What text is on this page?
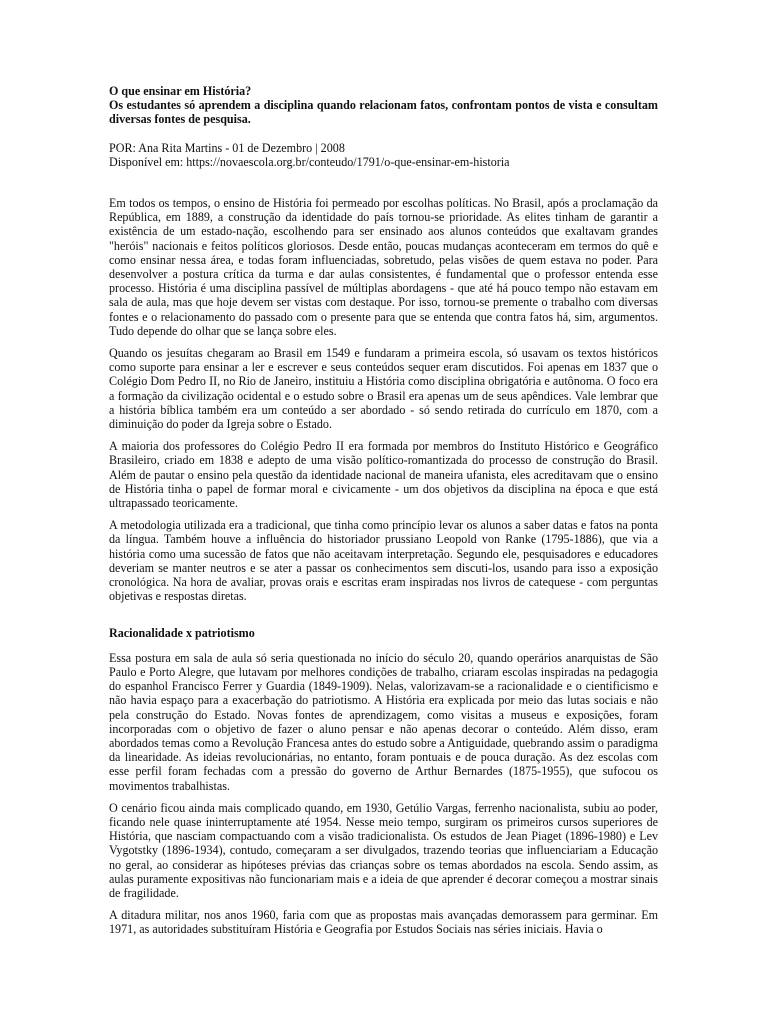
O que ensinar em História?
Os estudantes só aprendem a disciplina quando relacionam fatos, confrontam pontos de vista e consultam diversas fontes de pesquisa.
POR: Ana Rita Martins - 01 de Dezembro | 2008
Disponível em: https://novaescola.org.br/conteudo/1791/o-que-ensinar-em-historia

Em todos os tempos, o ensino de História foi permeado por escolhas políticas. No Brasil, após a proclamação da República, em 1889, a construção da identidade do país tornou-se prioridade. As elites tinham de garantir a existência de um estado-nação, escolhendo para ser ensinado aos alunos conteúdos que exaltavam grandes "heróis" nacionais e feitos políticos gloriosos. Desde então, poucas mudanças aconteceram em termos do quê e como ensinar nessa área, e todas foram influenciadas, sobretudo, pelas visões de quem estava no poder. Para desenvolver a postura crítica da turma e dar aulas consistentes, é fundamental que o professor entenda esse processo. História é uma disciplina passível de múltiplas abordagens - que até há pouco tempo não estavam em sala de aula, mas que hoje devem ser vistas com destaque. Por isso, tornou-se premente o trabalho com diversas fontes e o relacionamento do passado com o presente para que se entenda que contra fatos há, sim, argumentos. Tudo depende do olhar que se lança sobre eles.

Quando os jesuítas chegaram ao Brasil em 1549 e fundaram a primeira escola, só usavam os textos históricos como suporte para ensinar a ler e escrever e seus conteúdos sequer eram discutidos. Foi apenas em 1837 que o Colégio Dom Pedro II, no Rio de Janeiro, instituiu a História como disciplina obrigatória e autônoma. O foco era a formação da civilização ocidental e o estudo sobre o Brasil era apenas um de seus apêndices. Vale lembrar que a história bíblica também era um conteúdo a ser abordado - só sendo retirada do currículo em 1870, com a diminuição do poder da Igreja sobre o Estado.

A maioria dos professores do Colégio Pedro II era formada por membros do Instituto Histórico e Geográfico Brasileiro, criado em 1838 e adepto de uma visão político-romantizada do processo de construção do Brasil. Além de pautar o ensino pela questão da identidade nacional de maneira ufanista, eles acreditavam que o ensino de História tinha o papel de formar moral e civicamente - um dos objetivos da disciplina na época e que está ultrapassado teoricamente.

A metodologia utilizada era a tradicional, que tinha como princípio levar os alunos a saber datas e fatos na ponta da língua. Também houve a influência do historiador prussiano Leopold von Ranke (1795-1886), que via a história como uma sucessão de fatos que não aceitavam interpretação. Segundo ele, pesquisadores e educadores deveriam se manter neutros e se ater a passar os conhecimentos sem discuti-los, usando para isso a exposição cronológica. Na hora de avaliar, provas orais e escritas eram inspiradas nos livros de catequese - com perguntas objetivas e respostas diretas.

Racionalidade x patriotismo

Essa postura em sala de aula só seria questionada no início do século 20, quando operários anarquistas de São Paulo e Porto Alegre, que lutavam por melhores condições de trabalho, criaram escolas inspiradas na pedagogia do espanhol Francisco Ferrer y Guardia (1849-1909). Nelas, valorizavam-se a racionalidade e o cientificismo e não havia espaço para a exacerbação do patriotismo. A História era explicada por meio das lutas sociais e não pela construção do Estado. Novas fontes de aprendizagem, como visitas a museus e exposições, foram incorporadas com o objetivo de fazer o aluno pensar e não apenas decorar o conteúdo. Além disso, eram abordados temas como a Revolução Francesa antes do estudo sobre a Antiguidade, quebrando assim o paradigma da linearidade. As ideias revolucionárias, no entanto, foram pontuais e de pouca duração. As dez escolas com esse perfil foram fechadas com a pressão do governo de Arthur Bernardes (1875-1955), que sufocou os movimentos trabalhistas.

O cenário ficou ainda mais complicado quando, em 1930, Getúlio Vargas, ferrenho nacionalista, subiu ao poder, ficando nele quase ininterruptamente até 1954. Nesse meio tempo, surgiram os primeiros cursos superiores de História, que nasciam compactuando com a visão tradicionalista. Os estudos de Jean Piaget (1896-1980) e Lev Vygotstky (1896-1934), contudo, começaram a ser divulgados, trazendo teorias que influenciariam a Educação no geral, ao considerar as hipóteses prévias das crianças sobre os temas abordados na escola. Sendo assim, as aulas puramente expositivas não funcionariam mais e a ideia de que aprender é decorar começou a mostrar sinais de fragilidade.

A ditadura militar, nos anos 1960, faria com que as propostas mais avançadas demorassem para germinar. Em 1971, as autoridades substituíram História e Geografia por Estudos Sociais nas séries iniciais. Havia o
